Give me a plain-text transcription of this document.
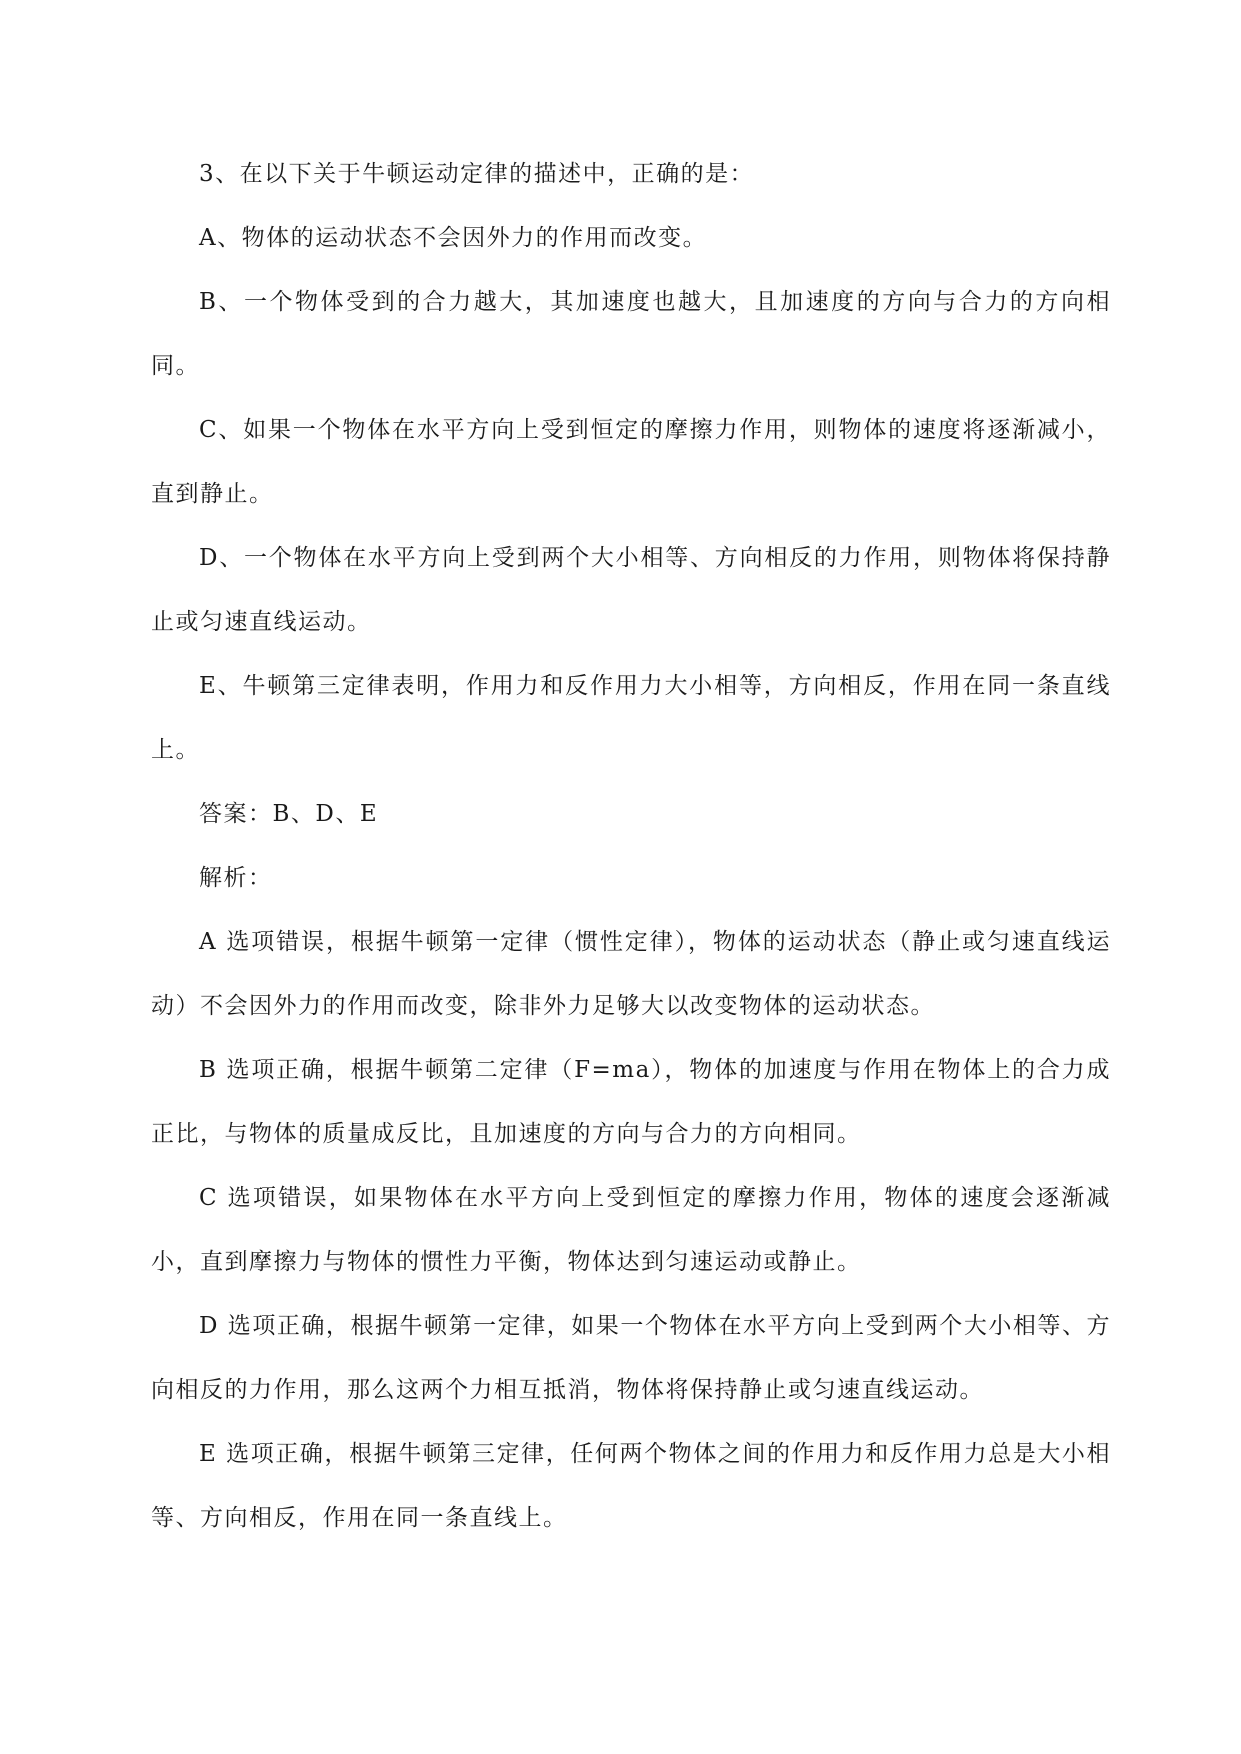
3、在以下关于牛顿运动定律的描述中，正确的是：

A、物体的运动状态不会因外力的作用而改变。

B、一个物体受到的合力越大，其加速度也越大，且加速度的方向与合力的方向相同。

C、如果一个物体在水平方向上受到恒定的摩擦力作用，则物体的速度将逐渐减小，直到静止。

D、一个物体在水平方向上受到两个大小相等、方向相反的力作用，则物体将保持静止或匀速直线运动。

E、牛顿第三定律表明，作用力和反作用力大小相等，方向相反，作用在同一条直线上。

答案：B、D、E

解析：

A 选项错误，根据牛顿第一定律（惯性定律），物体的运动状态（静止或匀速直线运动）不会因外力的作用而改变，除非外力足够大以改变物体的运动状态。

B 选项正确，根据牛顿第二定律（F=ma），物体的加速度与作用在物体上的合力成正比，与物体的质量成反比，且加速度的方向与合力的方向相同。

C 选项错误，如果物体在水平方向上受到恒定的摩擦力作用，物体的速度会逐渐减小，直到摩擦力与物体的惯性力平衡，物体达到匀速运动或静止。

D 选项正确，根据牛顿第一定律，如果一个物体在水平方向上受到两个大小相等、方向相反的力作用，那么这两个力相互抵消，物体将保持静止或匀速直线运动。

E 选项正确，根据牛顿第三定律，任何两个物体之间的作用力和反作用力总是大小相等、方向相反，作用在同一条直线上。
